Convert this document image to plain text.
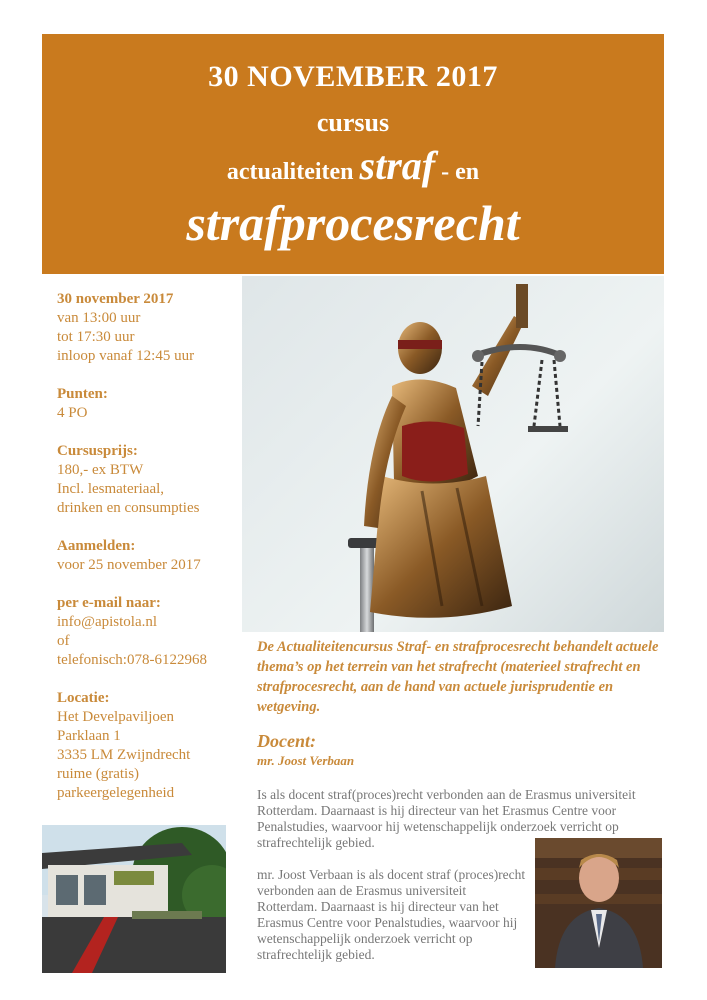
30 NOVEMBER 2017
cursus
actualiteiten straf - en
strafprocesrecht
30 november 2017
van 13:00 uur
tot 17:30 uur
inloop vanaf 12:45 uur
Punten:
4 PO
Cursusprijs:
180,- ex BTW
Incl. lesmateriaal,
drinken en consumpties
Aanmelden:
voor 25 november 2017
per e-mail naar:
info@apistola.nl
of
telefonisch:078-6122968
Locatie:
Het Develpaviljoen
Parklaan 1
3335 LM Zwijndrecht
ruime (gratis)
parkeergelegenheid
De Actualiteitencursus Straf- en strafprocesrecht behandelt actuele thema’s op het terrein van het strafrecht (materieel strafrecht en strafprocesrecht, aan de hand van actuele jurisprudentie en wetgeving.
Docent:
mr. Joost Verbaan
Is als docent straf(proces)recht verbonden aan de Erasmus universiteit Rotterdam. Daarnaast is hij directeur van het Erasmus Centre voor Penalstudies, waarvoor hij wetenschappelijk onderzoek verricht op strafrechtelijk gebied.
mr. Joost Verbaan is als docent straf (proces)recht verbonden aan de Erasmus universiteit Rotterdam. Daarnaast is hij directeur van het Erasmus Centre voor Penalstudies, waarvoor hij wetenschappelijk onderzoek verricht op strafrechtelijk gebied.
